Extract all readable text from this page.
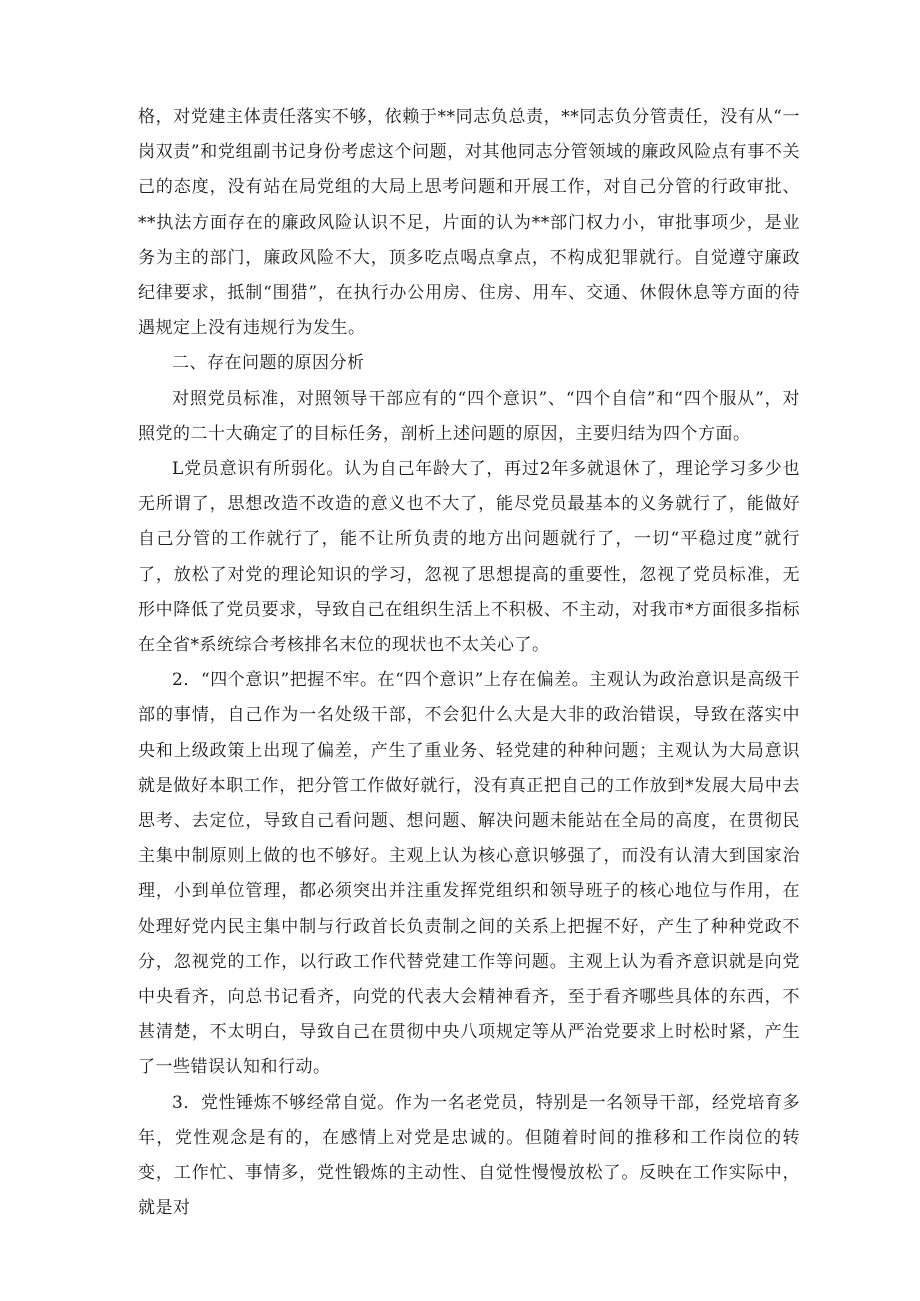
格，对党建主体责任落实不够，依赖于**同志负总责，**同志负分管责任，没有从“一岗双责”和党组副书记身份考虑这个问题，对其他同志分管领域的廉政风险点有事不关己的态度，没有站在局党组的大局上思考问题和开展工作，对自己分管的行政审批、**执法方面存在的廉政风险认识不足，片面的认为**部门权力小，审批事项少，是业务为主的部门，廉政风险不大，顶多吃点喝点拿点，不构成犯罪就行。自觉遵守廉政纪律要求，抵制“围猎”，在执行办公用房、住房、用车、交通、休假休息等方面的待遇规定上没有违规行为发生。

二、存在问题的原因分析

对照党员标准，对照领导干部应有的“四个意识”、“四个自信”和“四个服从”，对照党的二十大确定了的目标任务，剖析上述问题的原因，主要归结为四个方面。

L党员意识有所弱化。认为自己年龄大了，再过2年多就退休了，理论学习多少也无所谓了，思想改造不改造的意义也不大了，能尽党员最基本的义务就行了，能做好自己分管的工作就行了，能不让所负责的地方出问题就行了，一切“平稳过度”就行了，放松了对党的理论知识的学习，忽视了思想提高的重要性，忽视了党员标准，无形中降低了党员要求，导致自己在组织生活上不积极、不主动，对我市*方面很多指标在全省*系统综合考核排名末位的现状也不太关心了。

2．“四个意识”把握不牢。在“四个意识”上存在偏差。主观认为政治意识是高级干部的事情，自己作为一名处级干部，不会犯什么大是大非的政治错误，导致在落实中央和上级政策上出现了偏差，产生了重业务、轻党建的种种问题；主观认为大局意识就是做好本职工作，把分管工作做好就行，没有真正把自己的工作放到*发展大局中去思考、去定位，导致自己看问题、想问题、解决问题未能站在全局的高度，在贯彻民主集中制原则上做的也不够好。主观上认为核心意识够强了，而没有认清大到国家治理，小到单位管理，都必须突出并注重发挥党组织和领导班子的核心地位与作用，在处理好党内民主集中制与行政首长负责制之间的关系上把握不好，产生了种种党政不分，忽视党的工作，以行政工作代替党建工作等问题。主观上认为看齐意识就是向党中央看齐，向总书记看齐，向党的代表大会精神看齐，至于看齐哪些具体的东西，不甚清楚，不太明白，导致自己在贯彻中央八项规定等从严治党要求上时松时紧，产生了一些错误认知和行动。

3．党性锤炼不够经常自觉。作为一名老党员，特别是一名领导干部，经党培育多年，党性观念是有的，在感情上对党是忠诚的。但随着时间的推移和工作岗位的转变，工作忙、事情多，党性锻炼的主动性、自觉性慢慢放松了。反映在工作实际中，就是对
